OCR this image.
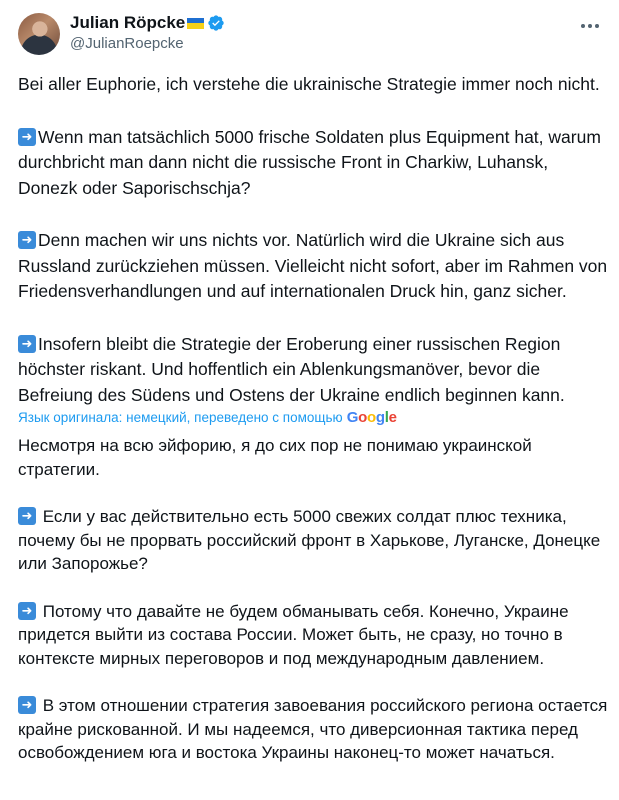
Julian Röpcke
@JulianRoepcke

Bei aller Euphorie, ich verstehe die ukrainische Strategie immer noch nicht.

➜Wenn man tatsächlich 5000 frische Soldaten plus Equipment hat, warum durchbricht man dann nicht die russische Front in Charkiw, Luhansk, Donezk oder Saporischschja?

➜Denn machen wir uns nichts vor. Natürlich wird die Ukraine sich aus Russland zurückziehen müssen. Vielleicht nicht sofort, aber im Rahmen von Friedensverhandlungen und auf internationalen Druck hin, ganz sicher.

➜Insofern bleibt die Strategie der Eroberung einer russischen Region höchster riskant. Und hoffentlich ein Ablenkungsmanöver, bevor die Befreiung des Südens und Ostens der Ukraine endlich beginnen kann.

Язык оригинала: немецкий, переведено с помощью Google

Несмотря на всю эйфорию, я до сих пор не понимаю украинской стратегии.

➜ Если у вас действительно есть 5000 свежих солдат плюс техника, почему бы не прорвать российский фронт в Харькове, Луганске, Донецке или Запорожье?

➜ Потому что давайте не будем обманывать себя. Конечно, Украине придется выйти из состава России. Может быть, не сразу, но точно в контексте мирных переговоров и под международным давлением.

➜ В этом отношении стратегия завоевания российского региона остается крайне рискованной. И мы надеемся, что диверсионная тактика перед освобождением юга и востока Украины наконец-то может начаться.
